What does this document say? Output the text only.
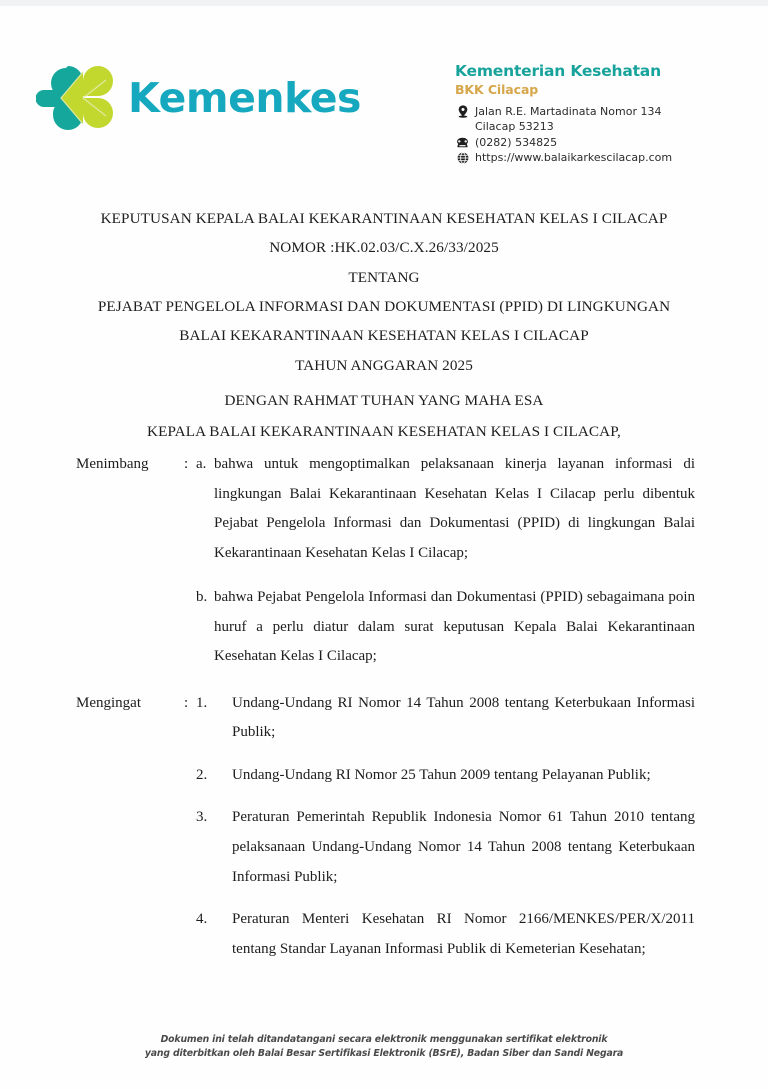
Kemenkes
Kementerian Kesehatan
BKK Cilacap
Jalan R.E. Martadinata Nomor 134
Cilacap 53213
(0282) 534825
https://www.balaikarkescilacap.com
KEPUTUSAN KEPALA BALAI KEKARANTINAAN KESEHATAN KELAS I CILACAP
NOMOR :HK.02.03/C.X.26/33/2025
TENTANG
PEJABAT PENGELOLA INFORMASI DAN DOKUMENTASI (PPID) DI LINGKUNGAN
BALAI KEKARANTINAAN KESEHATAN KELAS I CILACAP
TAHUN ANGGARAN 2025
DENGAN RAHMAT TUHAN YANG MAHA ESA
KEPALA BALAI KEKARANTINAAN KESEHATAN KELAS I CILACAP,
Menimbang	: a. bahwa untuk mengoptimalkan pelaksanaan kinerja layanan informasi di lingkungan Balai Kekarantinaan Kesehatan Kelas I Cilacap perlu dibentuk Pejabat Pengelola Informasi dan Dokumentasi (PPID) di lingkungan Balai Kekarantinaan Kesehatan Kelas I Cilacap;

b. bahwa Pejabat Pengelola Informasi dan Dokumentasi (PPID) sebagaimana poin huruf a perlu diatur dalam surat keputusan Kepala Balai Kekarantinaan Kesehatan Kelas I Cilacap;
Mengingat	: 1.	Undang-Undang RI Nomor 14 Tahun 2008 tentang Keterbukaan Informasi Publik;

2.	Undang-Undang RI Nomor 25 Tahun 2009 tentang Pelayanan Publik;

3.	Peraturan Pemerintah Republik Indonesia Nomor 61 Tahun 2010 tentang pelaksanaan Undang-Undang Nomor 14 Tahun 2008 tentang Keterbukaan Informasi Publik;

4.	Peraturan Menteri Kesehatan RI Nomor 2166/MENKES/PER/X/2011 tentang Standar Layanan Informasi Publik di Kemeterian Kesehatan;
Dokumen ini telah ditandatangani secara elektronik menggunakan sertifikat elektronik
yang diterbitkan oleh Balai Besar Sertifikasi Elektronik (BSrE), Badan Siber dan Sandi Negara
